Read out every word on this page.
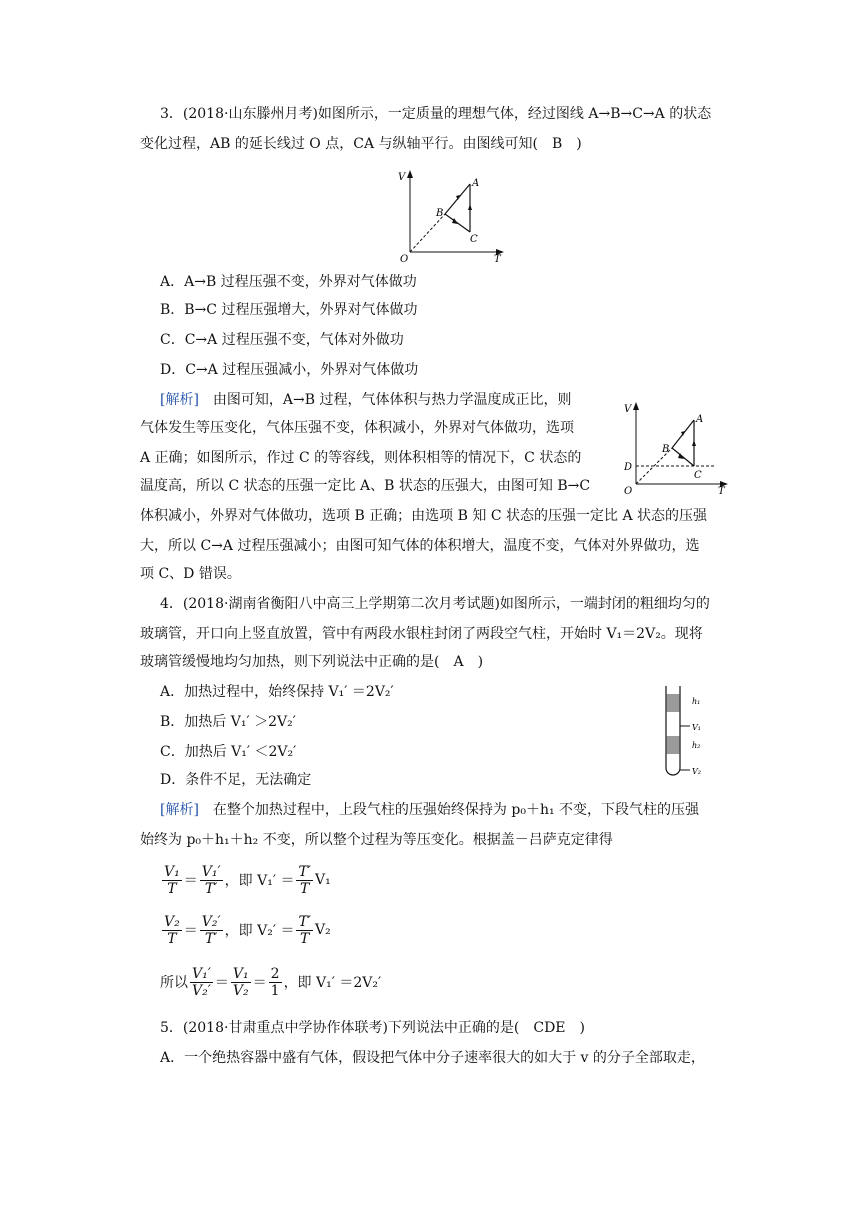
3．(2018·山东滕州月考)如图所示，一定质量的理想气体，经过图线 A→B→C→A 的状态
变化过程，AB 的延长线过 O 点，CA 与纵轴平行。由图线可知(　B　)
V
T
O
A
B
C
A．A→B 过程压强不变，外界对气体做功
B．B→C 过程压强增大，外界对气体做功
C．C→A 过程压强不变，气体对外做功
D．C→A 过程压强减小，外界对气体做功
[解析]　由图可知，A→B 过程，气体体积与热力学温度成正比，则
气体发生等压变化，气体压强不变，体积减小，外界对气体做功，选项
A 正确；如图所示，作过 C 的等容线，则体积相等的情况下，C 状态的
温度高，所以 C 状态的压强一定比 A、B 状态的压强大，由图可知 B→C
V
T
O
D
A
B
C
体积减小，外界对气体做功，选项 B 正确；由选项 B 知 C 状态的压强一定比 A 状态的压强
大，所以 C→A 过程压强减小；由图可知气体的体积增大，温度不变，气体对外界做功，选
项 C、D 错误。
4．(2018·湖南省衡阳八中高三上学期第二次月考试题)如图所示，一端封闭的粗细均匀的
玻璃管，开口向上竖直放置，管中有两段水银柱封闭了两段空气柱，开始时 V₁＝2V₂。现将
玻璃管缓慢地均匀加热，则下列说法中正确的是(　A　)
A．加热过程中，始终保持 V₁′ ＝2V₂′
B．加热后 V₁′ ＞2V₂′
C．加热后 V₁′ ＜2V₂′
D．条件不足，无法确定
h₁
V₁
h₂
V₂
[解析]　在整个加热过程中，上段气柱的压强始终保持为 p₀＋h₁ 不变，下段气柱的压强
始终为 p₀＋h₁＋h₂ 不变，所以整个过程为等压变化。根据盖－吕萨克定律得
$\frac{\text{V₁}}{T} = \frac{\text{V₁′}}{T'}$ ，即 $V_1' = \frac{T'}{T} V_1$
$\frac{\text{V₂}}{T} = \frac{\text{V₂′}}{T'}$ ，即 $V_2' = \frac{T'}{T} V_2$
所以 $\frac{\text{V₁′}}{\text{V₂′}} = \frac{\text{V₁}}{\text{V₂}} = \frac{2}{1}$ ，即 V₁′ ＝2V₂′
5．(2018·甘肃重点中学协作体联考)下列说法中正确的是(　CDE　)
A．一个绝热容器中盛有气体，假设把气体中分子速率很大的如大于 v 的分子全部取走，
